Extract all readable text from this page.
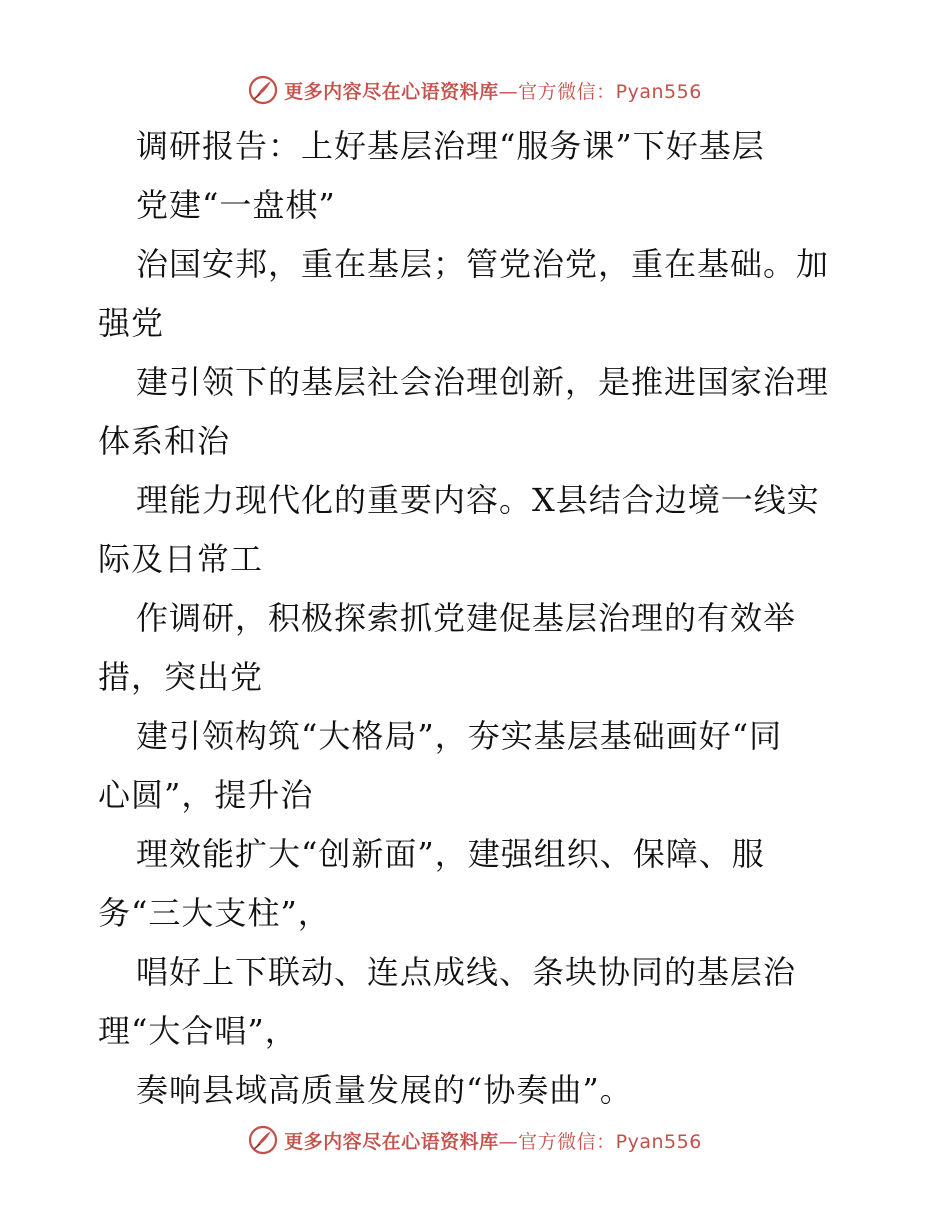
更多内容尽在心语资料库—官方微信：Pyan556
调研报告：上好基层治理“服务课”下好基层
党建“一盘棋”
治国安邦，重在基层；管党治党，重在基础。加
强党
建引领下的基层社会治理创新，是推进国家治理
体系和治
理能力现代化的重要内容。X县结合边境一线实
际及日常工
作调研，积极探索抓党建促基层治理的有效举
措，突出党
建引领构筑“大格局”，夯实基层基础画好“同
心圆”，提升治
理效能扩大“创新面”，建强组织、保障、服
务“三大支柱”，
唱好上下联动、连点成线、条块协同的基层治
理“大合唱”，
奏响县域高质量发展的“协奏曲”。
更多内容尽在心语资料库—官方微信：Pyan556
